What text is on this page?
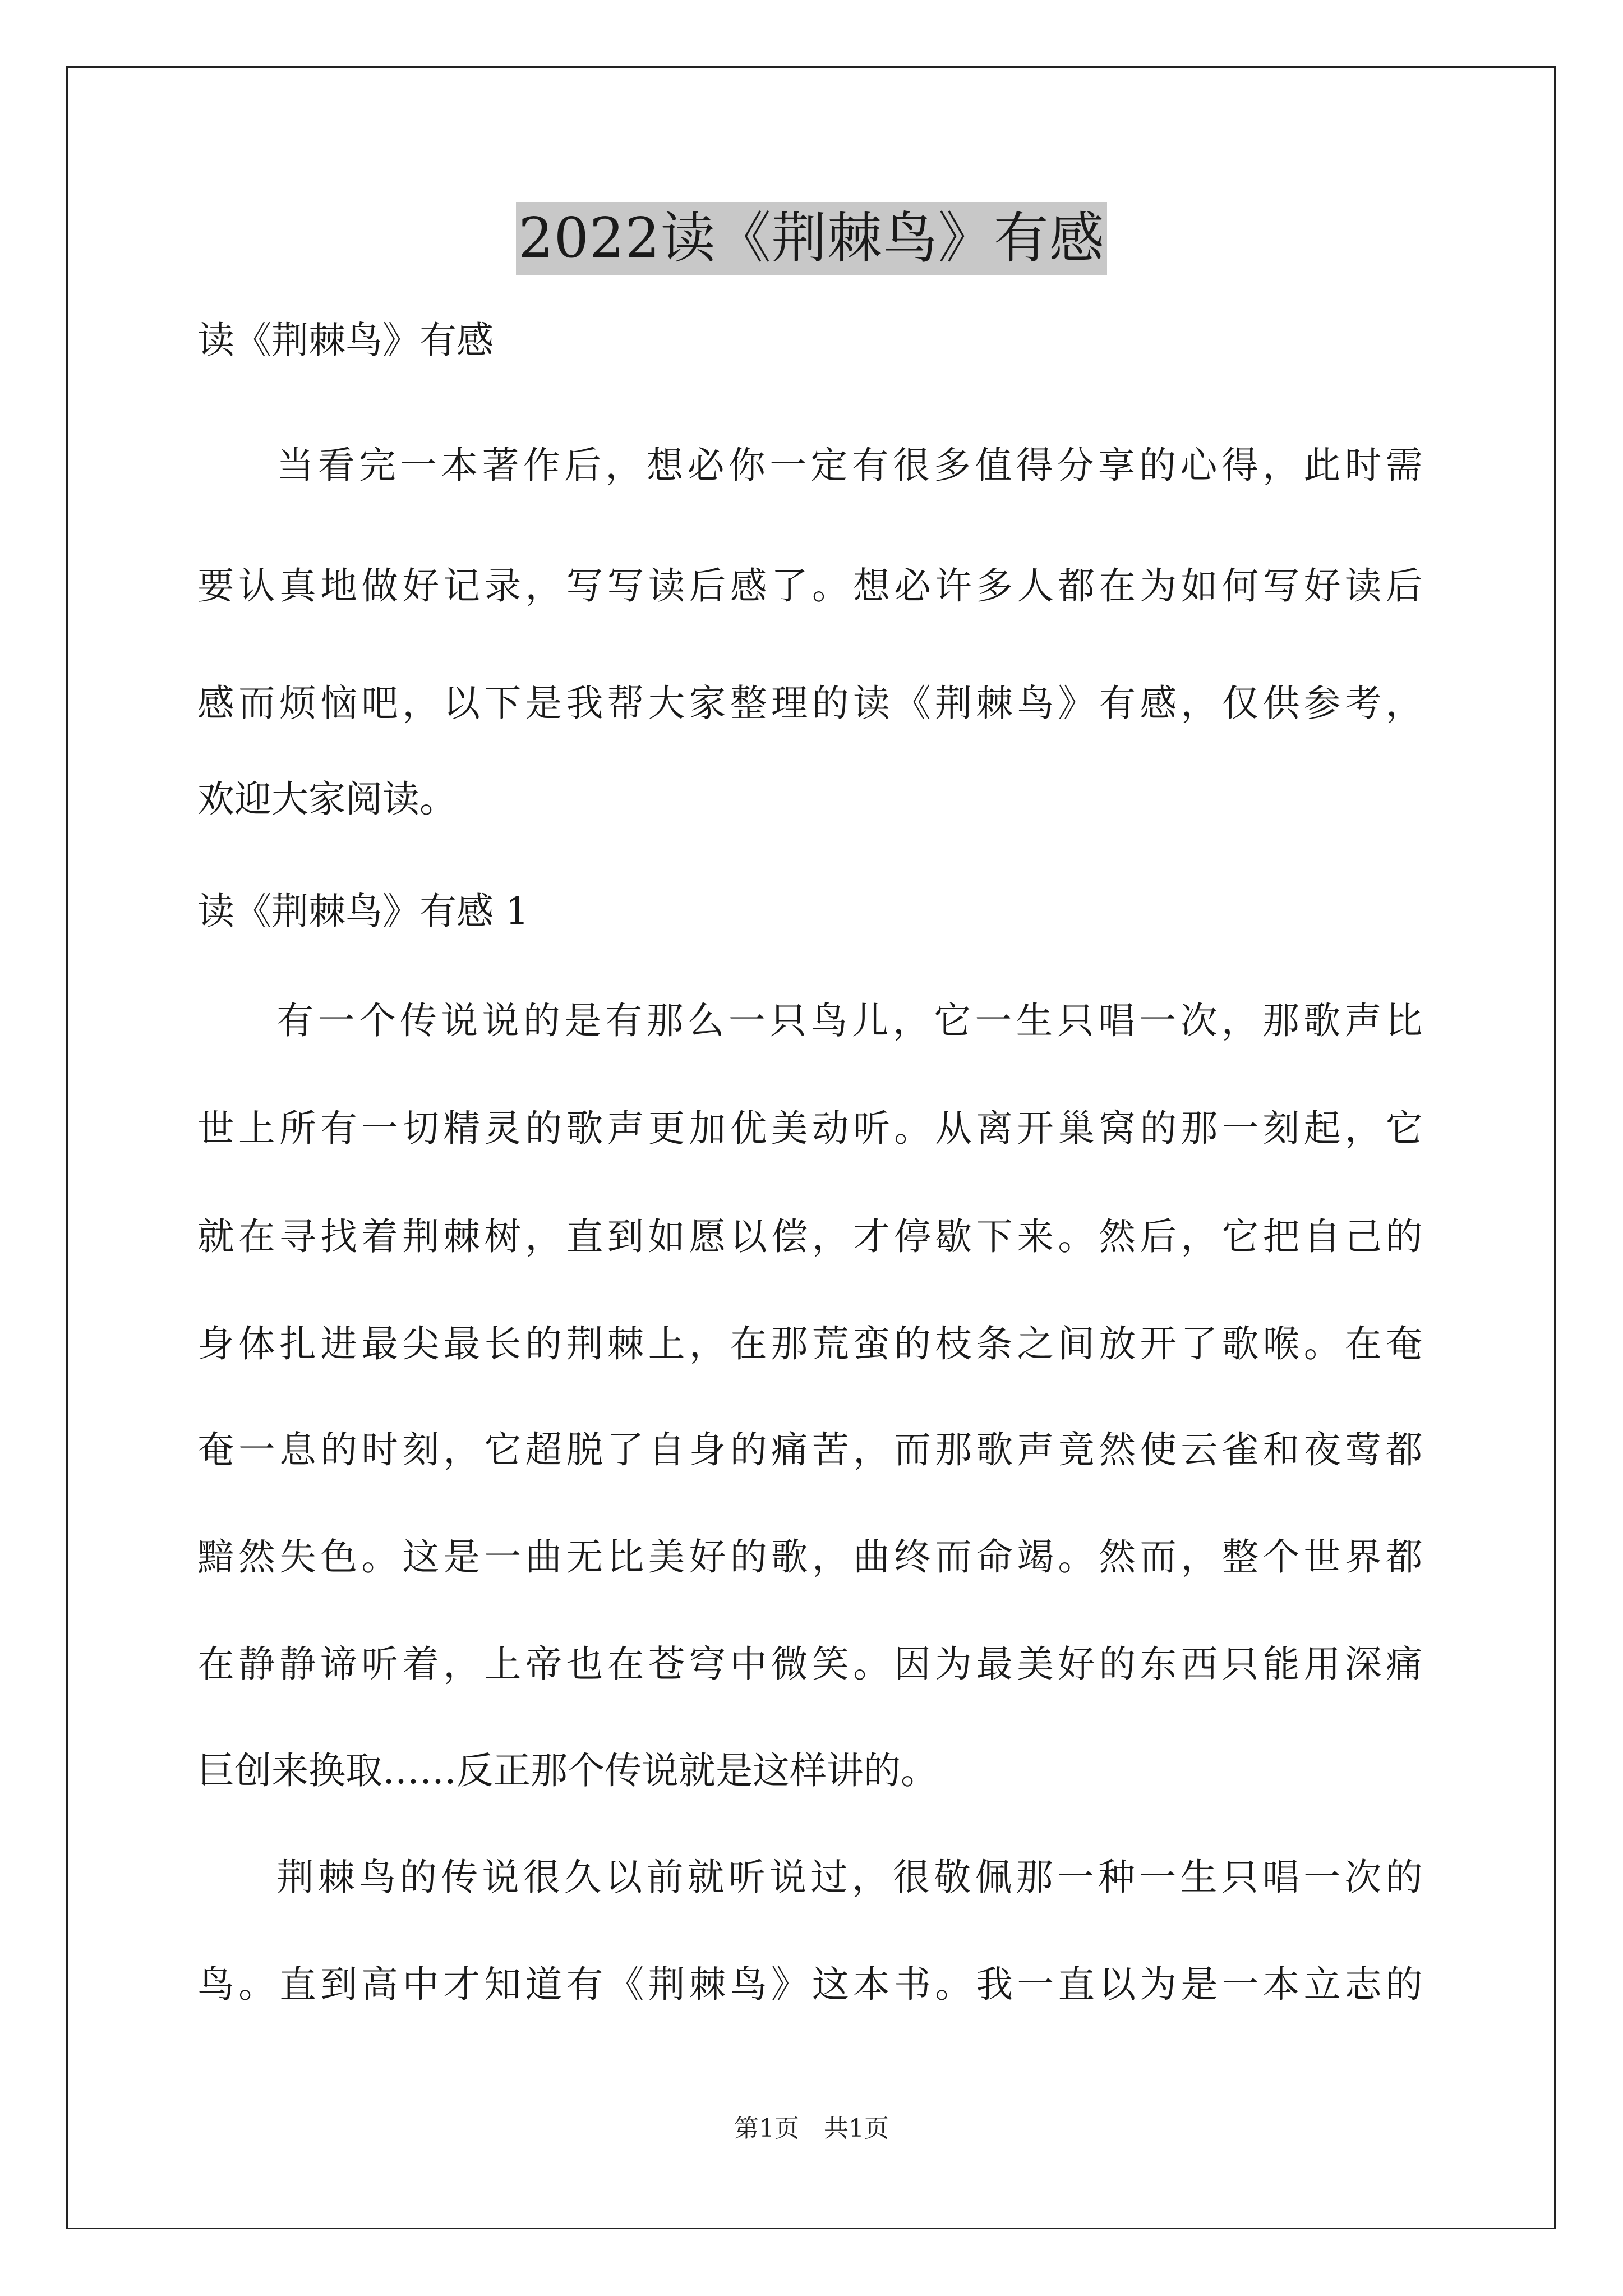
2022读《荆棘鸟》有感
读《荆棘鸟》有感
当看完一本著作后，想必你一定有很多值得分享的心得，此时需
要认真地做好记录，写写读后感了。想必许多人都在为如何写好读后
感而烦恼吧，以下是我帮大家整理的读《荆棘鸟》有感，仅供参考，
欢迎大家阅读。
读《荆棘鸟》有感 1
有一个传说说的是有那么一只鸟儿，它一生只唱一次，那歌声比
世上所有一切精灵的歌声更加优美动听。从离开巢窝的那一刻起，它
就在寻找着荆棘树，直到如愿以偿，才停歇下来。然后，它把自己的
身体扎进最尖最长的荆棘上，在那荒蛮的枝条之间放开了歌喉。在奄
奄一息的时刻，它超脱了自身的痛苦，而那歌声竟然使云雀和夜莺都
黯然失色。这是一曲无比美好的歌，曲终而命竭。然而，整个世界都
在静静谛听着，上帝也在苍穹中微笑。因为最美好的东西只能用深痛
巨创来换取……反正那个传说就是这样讲的。
荆棘鸟的传说很久以前就听说过，很敬佩那一种一生只唱一次的
鸟。直到高中才知道有《荆棘鸟》这本书。我一直以为是一本立志的
第1页　共1页
